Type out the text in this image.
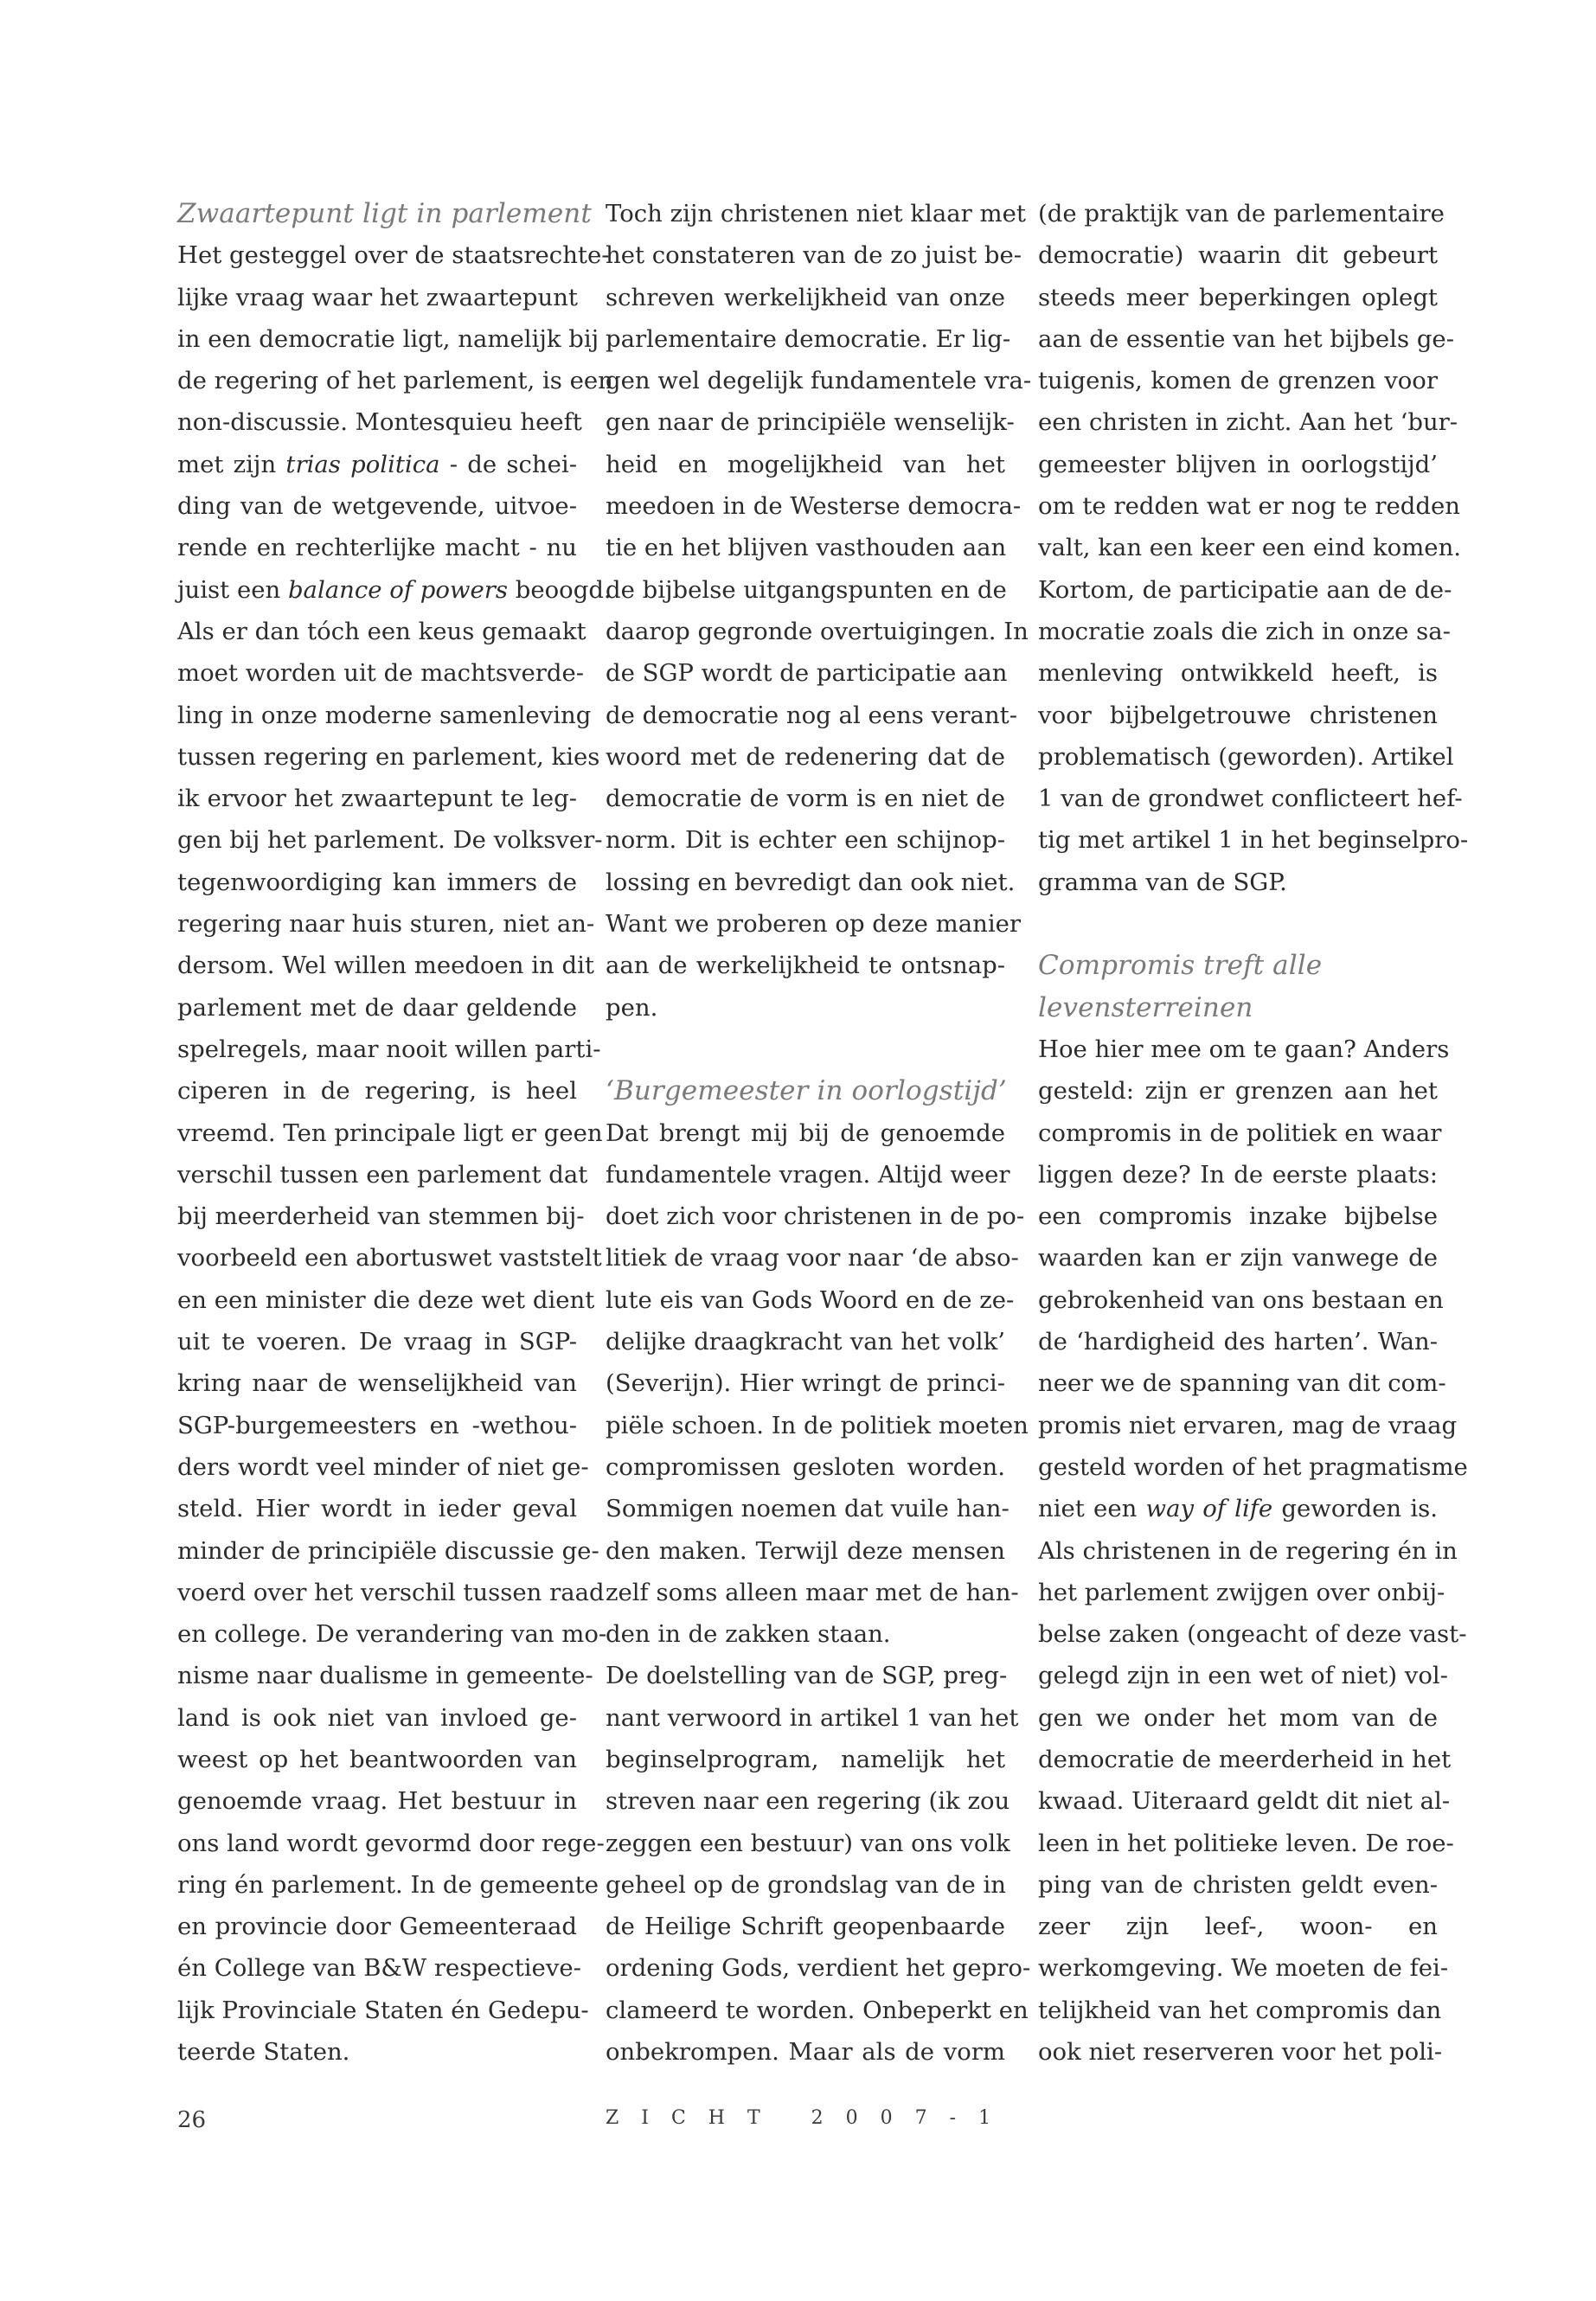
Zwaartepunt ligt in parlement
Het gesteggel over de staatsrechte-
lijke vraag waar het zwaartepunt
in een democratie ligt, namelijk bij
de regering of het parlement, is een
non-discussie. Montesquieu heeft
met zijn trias politica - de schei-
ding van de wetgevende, uitvoe-
rende en rechterlijke macht - nu
juist een balance of powers beoogd.
Als er dan tóch een keus gemaakt
moet worden uit de machtsverde-
ling in onze moderne samenleving
tussen regering en parlement, kies
ik ervoor het zwaartepunt te leg-
gen bij het parlement. De volksver-
tegenwoordiging kan immers de
regering naar huis sturen, niet an-
dersom. Wel willen meedoen in dit
parlement met de daar geldende
spelregels, maar nooit willen parti-
ciperen in de regering, is heel
vreemd. Ten principale ligt er geen
verschil tussen een parlement dat
bij meerderheid van stemmen bij-
voorbeeld een abortuswet vaststelt
en een minister die deze wet dient
uit te voeren. De vraag in SGP-
kring naar de wenselijkheid van
SGP-burgemeesters en -wethou-
ders wordt veel minder of niet ge-
steld. Hier wordt in ieder geval
minder de principiële discussie ge-
voerd over het verschil tussen raad
en college. De verandering van mo-
nisme naar dualisme in gemeente-
land is ook niet van invloed ge-
weest op het beantwoorden van
genoemde vraag. Het bestuur in
ons land wordt gevormd door rege-
ring én parlement. In de gemeente
en provincie door Gemeenteraad
én College van B&W respectieve-
lijk Provinciale Staten én Gedepu-
teerde Staten.
Toch zijn christenen niet klaar met
het constateren van de zo juist be-
schreven werkelijkheid van onze
parlementaire democratie. Er lig-
gen wel degelijk fundamentele vra-
gen naar de principiële wenselijk-
heid en mogelijkheid van het
meedoen in de Westerse democra-
tie en het blijven vasthouden aan
de bijbelse uitgangspunten en de
daarop gegronde overtuigingen. In
de SGP wordt de participatie aan
de democratie nog al eens verant-
woord met de redenering dat de
democratie de vorm is en niet de
norm. Dit is echter een schijnop-
lossing en bevredigt dan ook niet.
Want we proberen op deze manier
aan de werkelijkheid te ontsnap-
pen.
‘Burgemeester in oorlogstijd’
Dat brengt mij bij de genoemde
fundamentele vragen. Altijd weer
doet zich voor christenen in de po-
litiek de vraag voor naar ‘de abso-
lute eis van Gods Woord en de ze-
delijke draagkracht van het volk’
(Severijn). Hier wringt de princi-
piële schoen. In de politiek moeten
compromissen gesloten worden.
Sommigen noemen dat vuile han-
den maken. Terwijl deze mensen
zelf soms alleen maar met de han-
den in de zakken staan.
De doelstelling van de SGP, preg-
nant verwoord in artikel 1 van het
beginselprogram, namelijk het
streven naar een regering (ik zou
zeggen een bestuur) van ons volk
geheel op de grondslag van de in
de Heilige Schrift geopenbaarde
ordening Gods, verdient het gepro-
clameerd te worden. Onbeperkt en
onbekrompen. Maar als de vorm
(de praktijk van de parlementaire
democratie) waarin dit gebeurt
steeds meer beperkingen oplegt
aan de essentie van het bijbels ge-
tuigenis, komen de grenzen voor
een christen in zicht. Aan het ‘bur-
gemeester blijven in oorlogstijd’
om te redden wat er nog te redden
valt, kan een keer een eind komen.
Kortom, de participatie aan de de-
mocratie zoals die zich in onze sa-
menleving ontwikkeld heeft, is
voor bijbelgetrouwe christenen
problematisch (geworden). Artikel
1 van de grondwet conflicteert hef-
tig met artikel 1 in het beginselpro-
gramma van de SGP.
Compromis treft alle
levensterreinen
Hoe hier mee om te gaan? Anders
gesteld: zijn er grenzen aan het
compromis in de politiek en waar
liggen deze? In de eerste plaats:
een compromis inzake bijbelse
waarden kan er zijn vanwege de
gebrokenheid van ons bestaan en
de ‘hardigheid des harten’. Wan-
neer we de spanning van dit com-
promis niet ervaren, mag de vraag
gesteld worden of het pragmatisme
niet een way of life geworden is.
Als christenen in de regering én in
het parlement zwijgen over onbij-
belse zaken (ongeacht of deze vast-
gelegd zijn in een wet of niet) vol-
gen we onder het mom van de
democratie de meerderheid in het
kwaad. Uiteraard geldt dit niet al-
leen in het politieke leven. De roe-
ping van de christen geldt even-
zeer zijn leef-, woon- en
werkomgeving. We moeten de fei-
telijkheid van het compromis dan
ook niet reserveren voor het poli-
26	ZICHT 2007-1
